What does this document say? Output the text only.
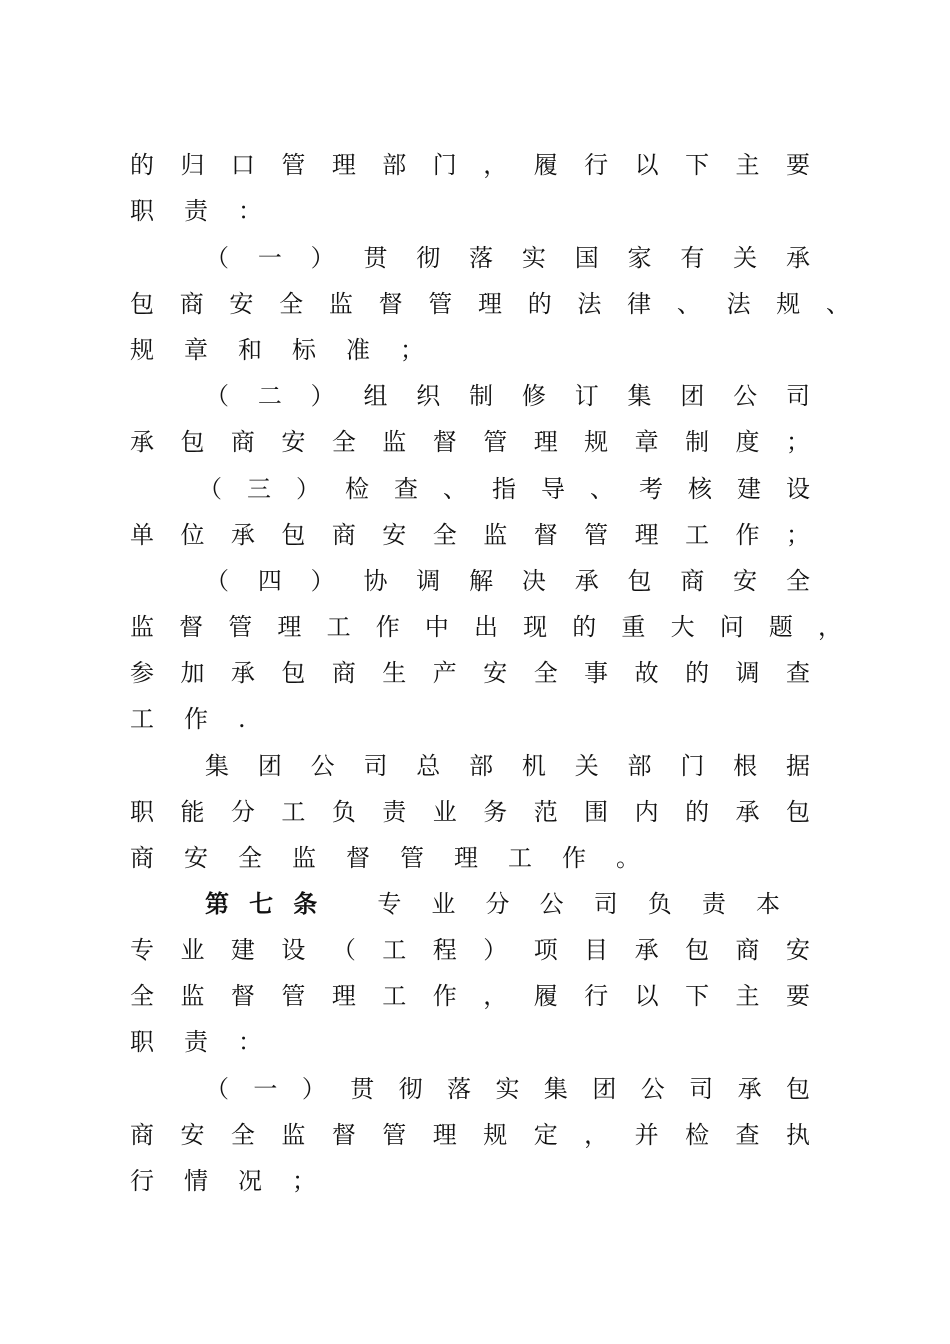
的归口管理部门，履行以下主要
职责：
（一）贯彻落实国家有关承
包商安全监督管理的法律、法规、
规章和标准；
（二）组织制修订集团公司
承包商安全监督管理规章制度；
（三）检查、指导、考核建设
单位承包商安全监督管理工作；
（四）协调解决承包商安全
监督管理工作中出现的重大问题，
参加承包商生产安全事故的调查
工作.
集团公司总部机关部门根据
职能分工负责业务范围内的承包
商安全监督管理工作。
第七条 专业分公司负责本
专业建设（工程）项目承包商安
全监督管理工作，履行以下主要
职责：
（一）贯彻落实集团公司承包
商安全监督管理规定，并检查执
行情况；
